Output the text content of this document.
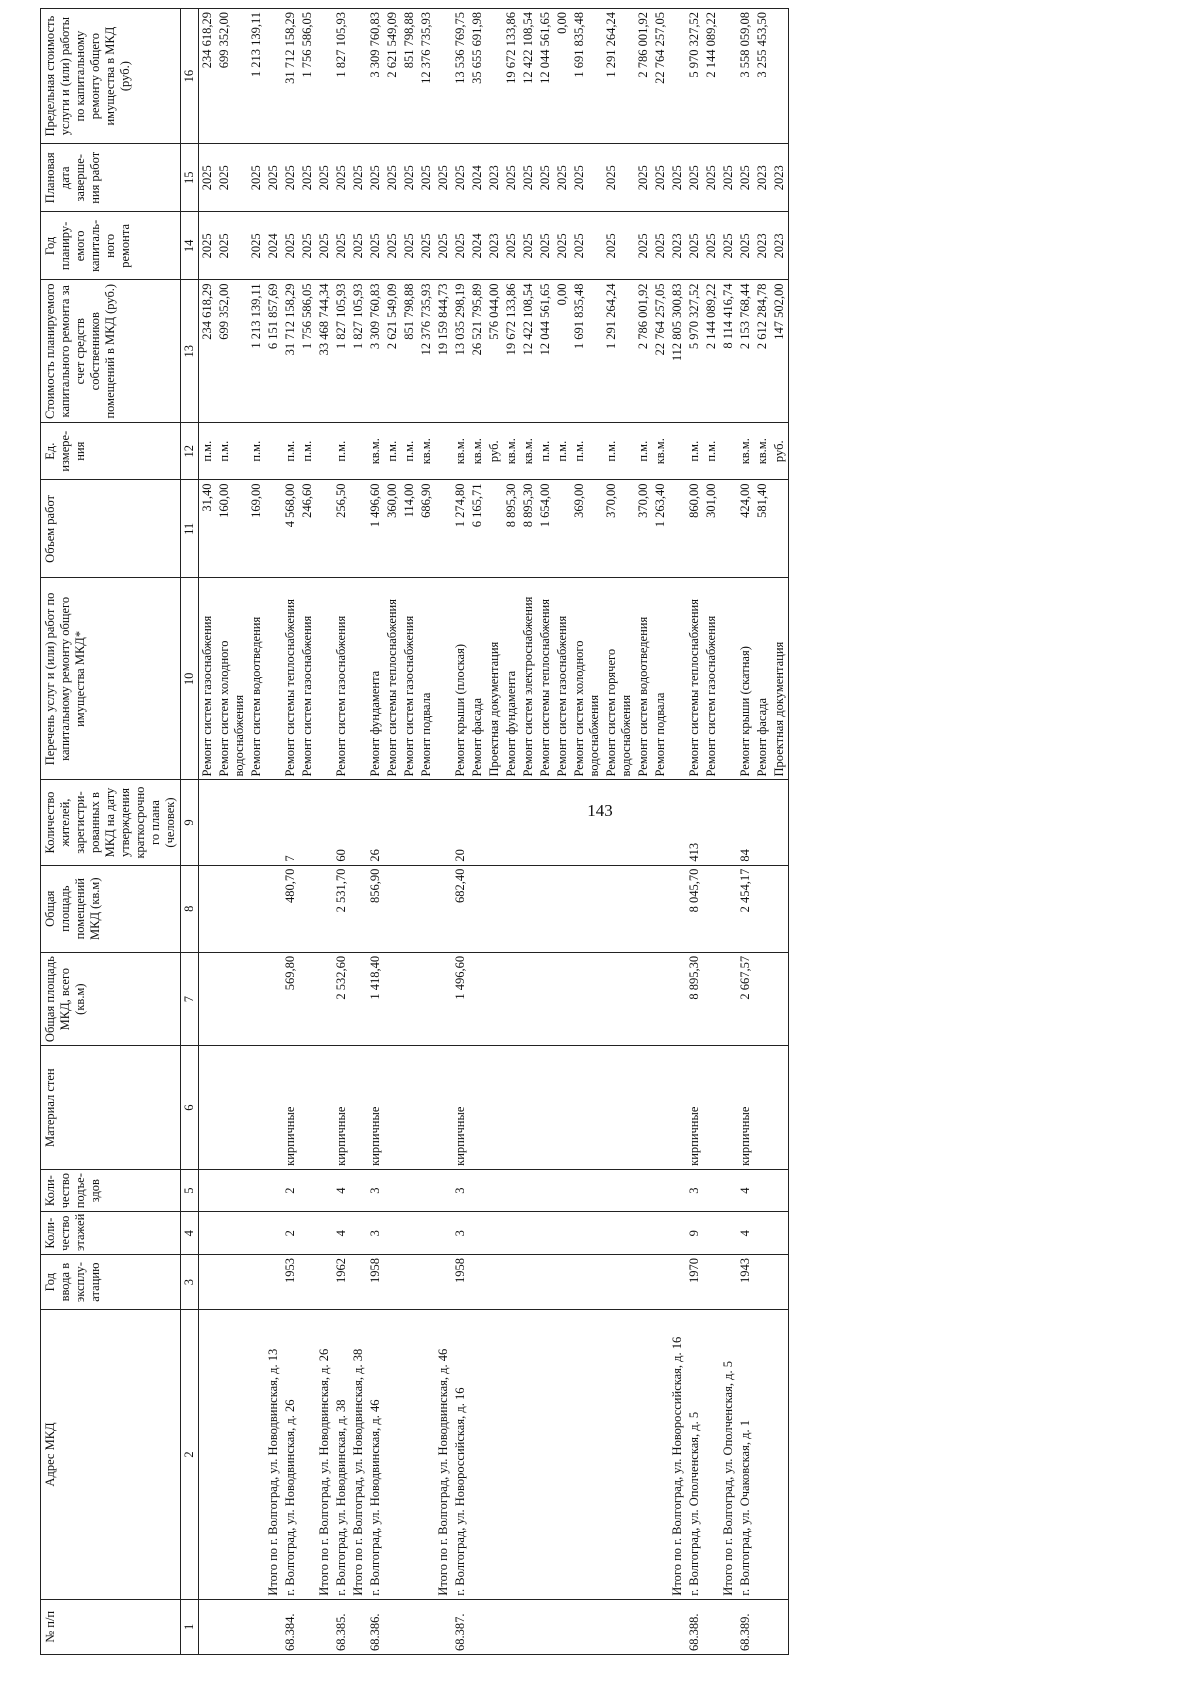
143
№ п/п	Адрес МКД	Год ввода в эксплу-атацию	Коли-чество этажей	Коли-чество подъе-здов	Материал стен	Общая площадь МКД, всего (кв.м)	Общая площадь помещений МКД (кв.м)	Количество жителей, зарегистри-рованных в МКД на дату утверждения краткосрочно го плана (человек)	Перечень услуг и (или) работ по капитальному ремонту общего имущества МКД*	Объем работ	Ед. измере-ния	Стоимость планируемого капитального ремонта за счет средств собственников помещений в МКД (руб.)	Год планиру-емого капиталь-ного ремонта	Плановая дата заверше-ния работ	Предельная стоимость услуги и (или) работы по капитальному ремонту общего имущества в МКД (руб.)
1	2	3	4	5	6	7	8	9	10	11	12	13	14	15	16
									Ремонт систем газоснабжения	31,40	п.м.	234 618,29	2025	2025	234 618,29
									Ремонт систем холодного водоснабжения	160,00	п.м.	699 352,00	2025	2025	699 352,00
									Ремонт систем водоотведения	169,00	п.м.	1 213 139,11	2025	2025	1 213 139,11
	Итого по г. Волгоград, ул. Новодвинская, д. 13											6 151 857,69	2024	2025	
68.384.	г. Волгоград, ул. Новодвинская, д. 26	1953	2	2	кирпичные	569,80	480,70	7	Ремонт системы теплоснабжения	4 568,00	п.м.	31 712 158,29	2025	2025	31 712 158,29
									Ремонт систем газоснабжения	246,60	п.м.	1 756 586,05	2025	2025	1 756 586,05
	Итого по г. Волгоград, ул. Новодвинская, д. 26											33 468 744,34	2025	2025	
68.385.	г. Волгоград, ул. Новодвинская, д. 38	1962	4	4	кирпичные	2 532,60	2 531,70	60	Ремонт систем газоснабжения	256,50	п.м.	1 827 105,93	2025	2025	1 827 105,93
	Итого по г. Волгоград, ул. Новодвинская, д. 38											1 827 105,93	2025	2025	
68.386.	г. Волгоград, ул. Новодвинская, д. 46	1958	3	3	кирпичные	1 418,40	856,90	26	Ремонт фундамента	1 496,60	кв.м.	3 309 760,83	2025	2025	3 309 760,83
									Ремонт системы теплоснабжения	360,00	п.м.	2 621 549,09	2025	2025	2 621 549,09
									Ремонт систем газоснабжения	114,00	п.м.	851 798,88	2025	2025	851 798,88
									Ремонт подвала	686,90	кв.м.	12 376 735,93	2025	2025	12 376 735,93
	Итого по г. Волгоград, ул. Новодвинская, д. 46											19 159 844,73	2025	2025	
68.387.	г. Волгоград, ул. Новороссийская, д. 16	1958	3	3	кирпичные	1 496,60	682,40	20	Ремонт крыши (плоская)	1 274,80	кв.м.	13 035 298,19	2025	2025	13 536 769,75
									Ремонт фасада	6 165,71	кв.м.	26 521 795,89	2024	2024	35 655 691,98
									Проектная документация		руб.	576 044,00	2023	2023	
									Ремонт фундамента	8 895,30	кв.м.	19 672 133,86	2025	2025	19 672 133,86
									Ремонт систем электроснабжения	8 895,30	кв.м.	12 422 108,54	2025	2025	12 422 108,54
									Ремонт системы теплоснабжения	1 654,00	п.м.	12 044 561,65	2025	2025	12 044 561,65
									Ремонт систем газоснабжения		п.м.	0,00	2025	2025	0,00
									Ремонт систем холодного водоснабжения	369,00	п.м.	1 691 835,48	2025	2025	1 691 835,48
									Ремонт систем горячего водоснабжения	370,00	п.м.	1 291 264,24	2025	2025	1 291 264,24
									Ремонт систем водоотведения	370,00	п.м.	2 786 001,92	2025	2025	2 786 001,92
									Ремонт подвала	1 263,40	кв.м.	22 764 257,05	2025	2025	22 764 257,05
	Итого по г. Волгоград, ул. Новороссийская, д. 16											112 805 300,83	2023	2025	
68.388.	г. Волгоград, ул. Ополченская, д. 5	1970	9	3	кирпичные	8 895,30	8 045,70	413	Ремонт системы теплоснабжения	860,00	п.м.	5 970 327,52	2025	2025	5 970 327,52
									Ремонт систем газоснабжения	301,00	п.м.	2 144 089,22	2025	2025	2 144 089,22
	Итого по г. Волгоград, ул. Ополченская, д. 5											8 114 416,74	2025	2025	
68.389.	г. Волгоград, ул. Очаковская, д. 1	1943	4	4	кирпичные	2 667,57	2 454,17	84	Ремонт крыши (скатная)	424,00	кв.м.	2 153 768,44	2025	2025	3 558 059,08
									Ремонт фасада	581,40	кв.м.	2 612 284,78	2023	2023	3 255 453,50
									Проектная документация		руб.	147 502,00	2023	2023	
